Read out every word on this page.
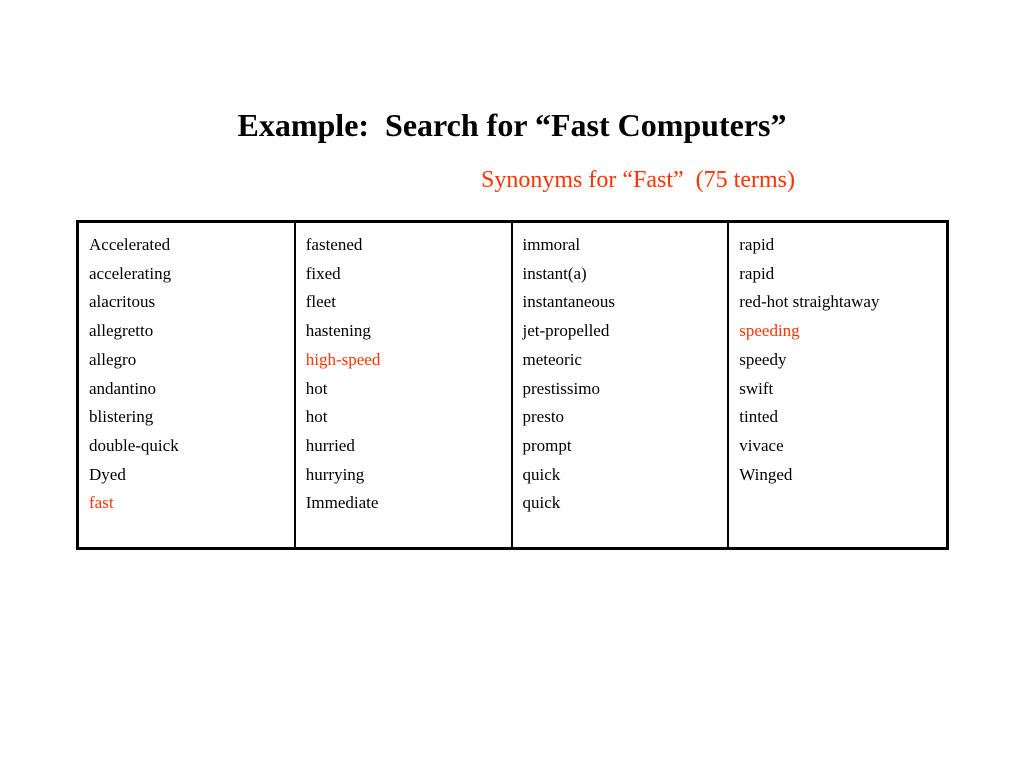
Example:  Search for “Fast Computers”
Synonyms for “Fast”  (75 terms)
Accelerated
accelerating
alacritous
allegretto
allegro
andantino
blistering
double-quick
Dyed
fast
fastened
fixed
fleet
hastening
high-speed
hot
hot
hurried
hurrying
Immediate
immoral
instant(a)
instantaneous
jet-propelled
meteoric
prestissimo
presto
prompt
quick
quick
rapid
rapid
red-hot straightaway
speeding
speedy
swift
tinted
vivace
Winged
